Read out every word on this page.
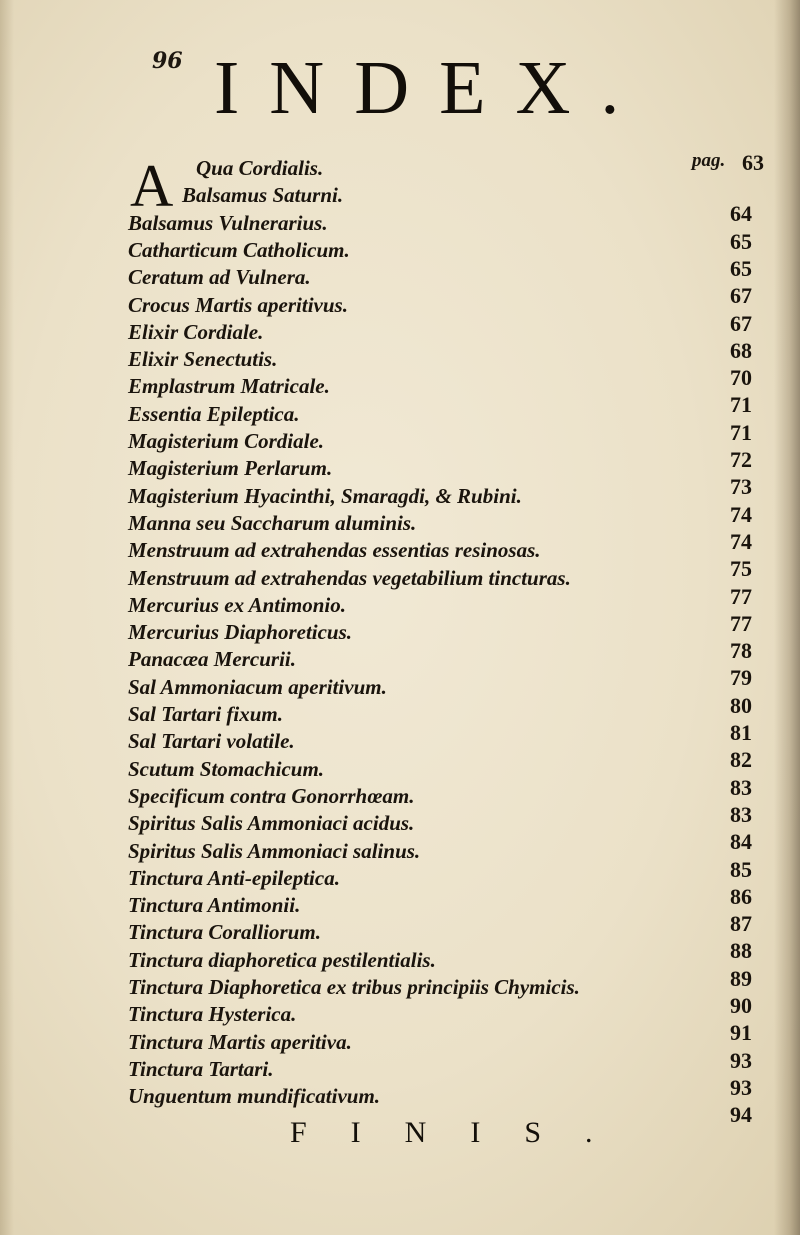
96 INDEX.
A	pag.
Qua Cordialis.	63
Balsamus Saturni.
64
Balsamus Vulnerarius.
65
Catharticum Catholicum.
65
Ceratum ad Vulnera.
67
Crocus Martis aperitivus.
67
Elixir Cordiale.
68
Elixir Senectutis.
70
Emplastrum Matricale.
71
Essentia Epileptica.
71
Magisterium Cordiale.
72
Magisterium Perlarum.
73
Magisterium Hyacinthi, Smaragdi, & Rubini.
74
Manna seu Saccharum aluminis.
74
Menstruum ad extrahendas essentias resinosas.
75
Menstruum ad extrahendas vegetabilium tincturas.
77
Mercurius ex Antimonio.
77
Mercurius Diaphoreticus.
78
Panacæa Mercurii.
79
Sal Ammoniacum aperitivum.
80
Sal Tartari fixum.
81
Sal Tartari volatile.
82
Scutum Stomachicum.
83
Specificum contra Gonorrhœam.
83
Spiritus Salis Ammoniaci acidus.
84
Spiritus Salis Ammoniaci salinus.
85
Tinctura Anti-epileptica.
86
Tinctura Antimonii.
87
Tinctura Coralliorum.
88
Tinctura diaphoretica pestilentialis.
89
Tinctura Diaphoretica ex tribus principiis Chymicis.
90
Tinctura Hysterica.
91
Tinctura Martis aperitiva.
93
Tinctura Tartari.
93
Unguentum mundificativum.
94
FINIS.
